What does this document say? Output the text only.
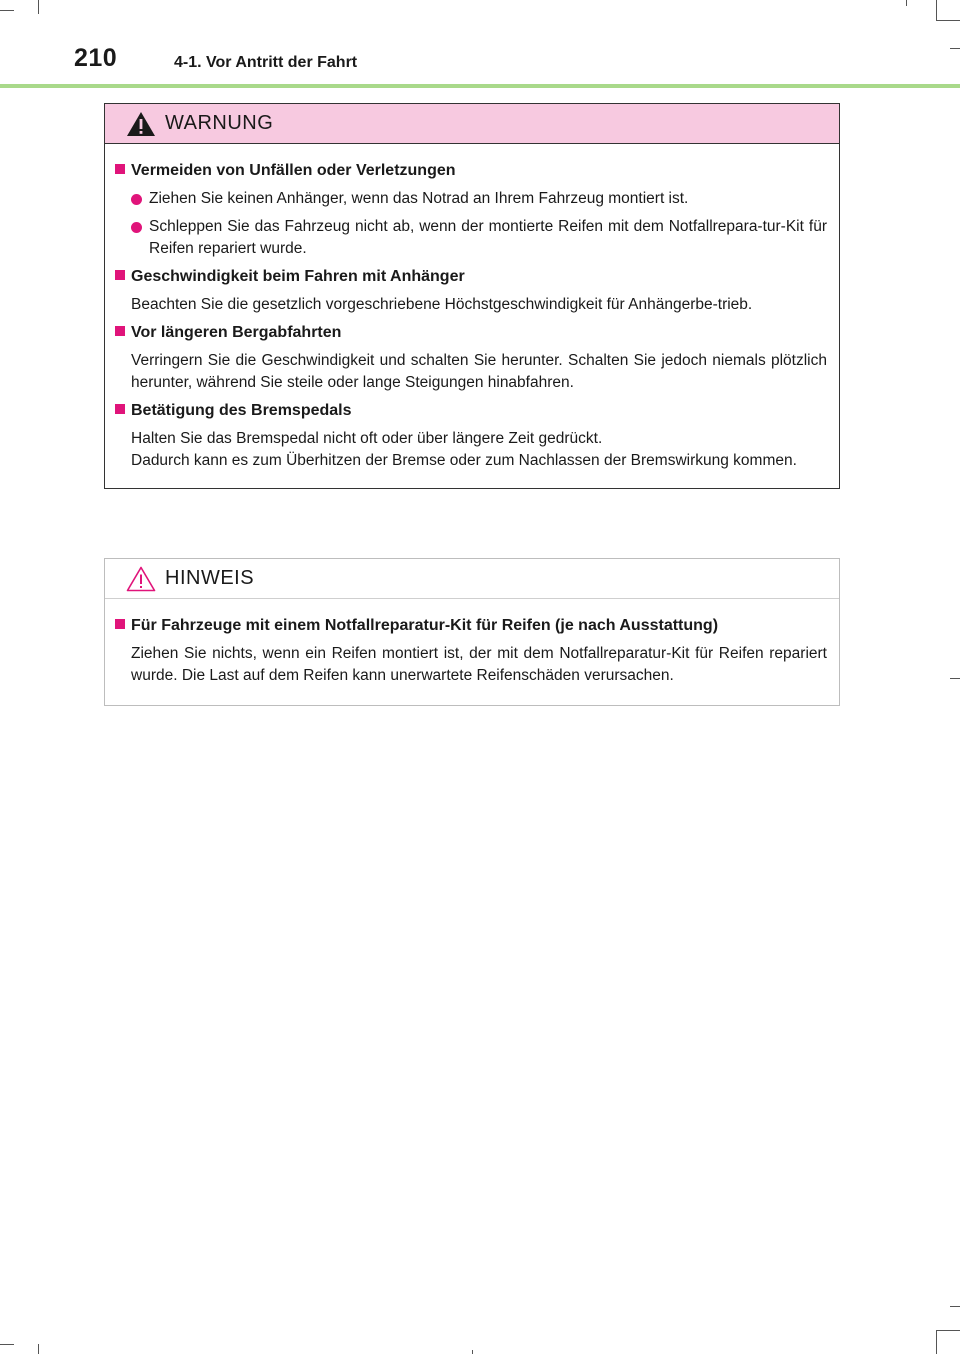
210	4-1. Vor Antritt der Fahrt
WARNUNG
Vermeiden von Unfällen oder Verletzungen
Ziehen Sie keinen Anhänger, wenn das Notrad an Ihrem Fahrzeug montiert ist.
Schleppen Sie das Fahrzeug nicht ab, wenn der montierte Reifen mit dem Notfallrepara-tur-Kit für Reifen repariert wurde.
Geschwindigkeit beim Fahren mit Anhänger
Beachten Sie die gesetzlich vorgeschriebene Höchstgeschwindigkeit für Anhängerbe-trieb.
Vor längeren Bergabfahrten
Verringern Sie die Geschwindigkeit und schalten Sie herunter. Schalten Sie jedoch niemals plötzlich herunter, während Sie steile oder lange Steigungen hinabfahren.
Betätigung des Bremspedals
Halten Sie das Bremspedal nicht oft oder über längere Zeit gedrückt.
Dadurch kann es zum Überhitzen der Bremse oder zum Nachlassen der Bremswirkung kommen.
HINWEIS
Für Fahrzeuge mit einem Notfallreparatur-Kit für Reifen (je nach Ausstattung)
Ziehen Sie nichts, wenn ein Reifen montiert ist, der mit dem Notfallreparatur-Kit für Reifen repariert wurde. Die Last auf dem Reifen kann unerwartete Reifenschäden verursachen.
